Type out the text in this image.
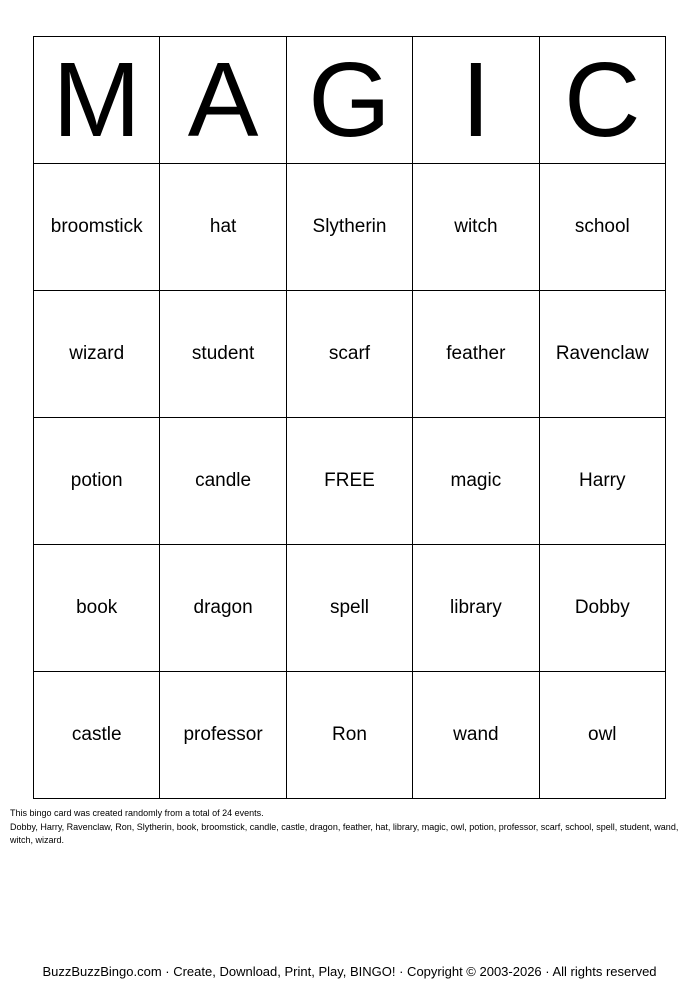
M	A	G	I	C
broomstick	hat	Slytherin	witch	school
wizard	student	scarf	feather	Ravenclaw
potion	candle	FREE	magic	Harry
book	dragon	spell	library	Dobby
castle	professor	Ron	wand	owl
This bingo card was created randomly from a total of 24 events.
Dobby, Harry, Ravenclaw, Ron, Slytherin, book, broomstick, candle, castle, dragon, feather, hat, library, magic, owl, potion, professor, scarf, school, spell, student, wand, witch, wizard.
BuzzBuzzBingo.com · Create, Download, Print, Play, BINGO! · Copyright © 2003-2026 · All rights reserved
